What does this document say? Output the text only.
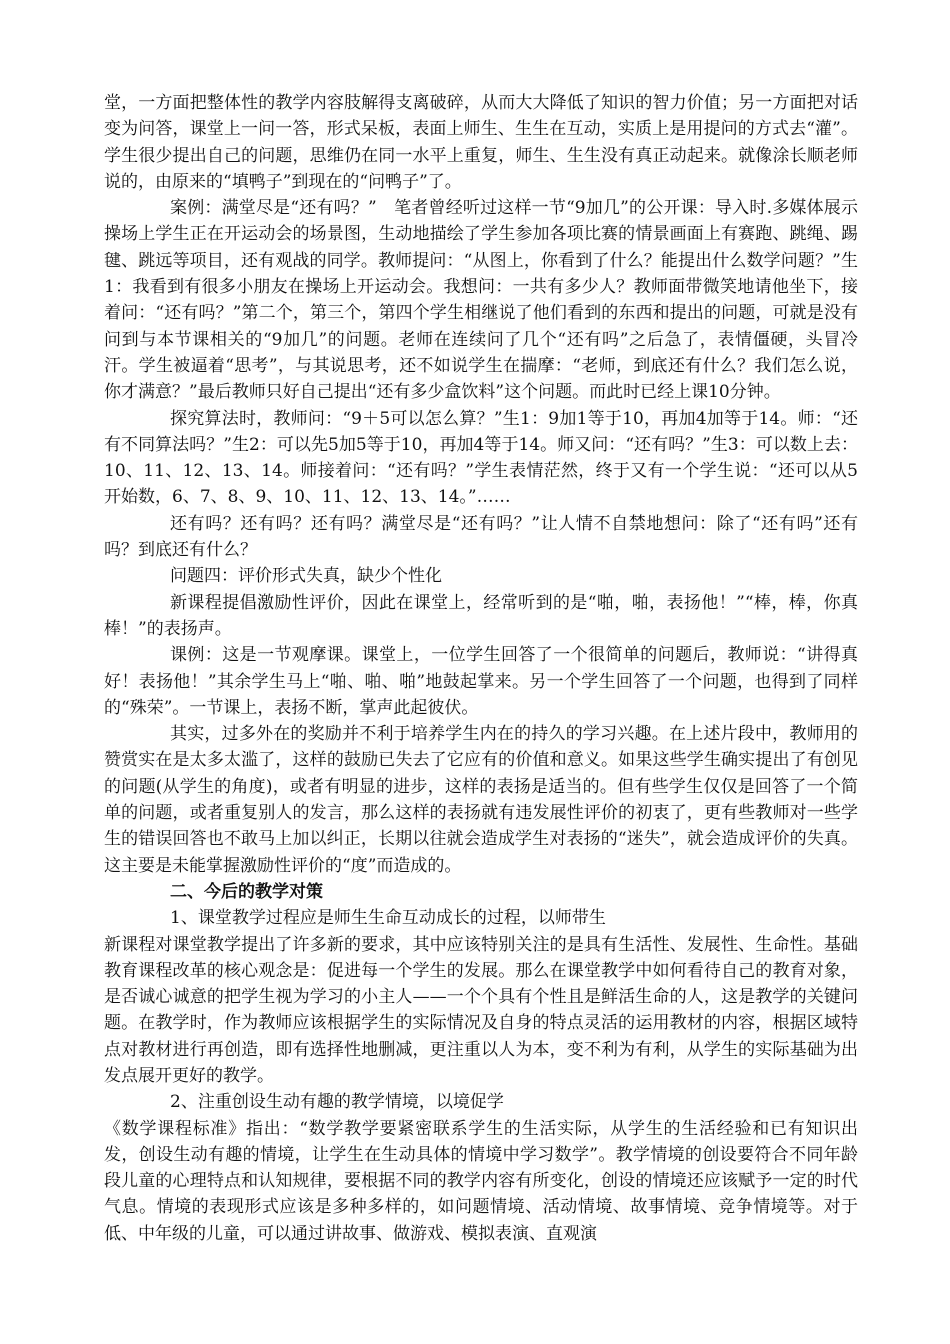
堂，一方面把整体性的教学内容肢解得支离破碎，从而大大降低了知识的智力价值；另一方面把对话变为问答，课堂上一问一答，形式呆板，表面上师生、生生在互动，实质上是用提问的方式去“灌”。学生很少提出自己的问题，思维仍在同一水平上重复，师生、生生没有真正动起来。就像涂长顺老师说的，由原来的“填鸭子”到现在的“问鸭子”了。

案例：满堂尽是“还有吗？”　笔者曾经听过这样一节“9加几”的公开课：导入时.多媒体展示操场上学生正在开运动会的场景图，生动地描绘了学生参加各项比赛的情景画面上有赛跑、跳绳、踢毽、跳远等项目，还有观战的同学。教师提问：“从图上，你看到了什么？能提出什么数学问题？”生1：我看到有很多小朋友在操场上开运动会。我想问：一共有多少人？教师面带微笑地请他坐下，接着问：“还有吗？”第二个，第三个，第四个学生相继说了他们看到的东西和提出的问题，可就是没有问到与本节课相关的“9加几”的问题。老师在连续问了几个“还有吗”之后急了，表情僵硬，头冒冷汗。学生被逼着“思考”，与其说思考，还不如说学生在揣摩：“老师，到底还有什么？我们怎么说，你才满意？”最后教师只好自己提出“还有多少盒饮料”这个问题。而此时已经上课10分钟。

探究算法时，教师问：“9＋5可以怎么算？”生1：9加1等于10，再加4加等于14。师：“还有不同算法吗？”生2：可以先5加5等于10，再加4等于14。师又问：“还有吗？”生3：可以数上去：10、11、12、13、14。师接着问：“还有吗？”学生表情茫然，终于又有一个学生说：“还可以从5开始数，6、7、8、9、10、11、12、13、14。”……

还有吗？还有吗？还有吗？满堂尽是“还有吗？”让人情不自禁地想问：除了“还有吗”还有吗？到底还有什么？

问题四：评价形式失真，缺少个性化

新课程提倡激励性评价，因此在课堂上，经常听到的是“啪，啪，表扬他！”“棒，棒，你真棒！”的表扬声。

课例：这是一节观摩课。课堂上，一位学生回答了一个很简单的问题后，教师说：“讲得真好！表扬他！”其余学生马上“啪、啪、啪”地鼓起掌来。另一个学生回答了一个问题，也得到了同样的“殊荣”。一节课上，表扬不断，掌声此起彼伏。

其实，过多外在的奖励并不利于培养学生内在的持久的学习兴趣。在上述片段中，教师用的赞赏实在是太多太滥了，这样的鼓励已失去了它应有的价值和意义。如果这些学生确实提出了有创见的问题(从学生的角度)，或者有明显的进步，这样的表扬是适当的。但有些学生仅仅是回答了一个简单的问题，或者重复别人的发言，那么这样的表扬就有违发展性评价的初衷了，更有些教师对一些学生的错误回答也不敢马上加以纠正，长期以往就会造成学生对表扬的“迷失”，就会造成评价的失真。这主要是未能掌握激励性评价的“度”而造成的。

二、今后的教学对策

1、课堂教学过程应是师生生命互动成长的过程，以师带生

新课程对课堂教学提出了许多新的要求，其中应该特别关注的是具有生活性、发展性、生命性。基础教育课程改革的核心观念是：促进每一个学生的发展。那么在课堂教学中如何看待自己的教育对象，是否诚心诚意的把学生视为学习的小主人——一个个具有个性且是鲜活生命的人，这是教学的关键问题。在教学时，作为教师应该根据学生的实际情况及自身的特点灵活的运用教材的内容，根据区域特点对教材进行再创造，即有选择性地删减，更注重以人为本，变不利为有利，从学生的实际基础为出发点展开更好的教学。

2、注重创设生动有趣的教学情境，以境促学

《数学课程标准》指出：“数学教学要紧密联系学生的生活实际，从学生的生活经验和已有知识出发，创设生动有趣的情境，让学生在生动具体的情境中学习数学”。教学情境的创设要符合不同年龄段儿童的心理特点和认知规律，要根据不同的教学内容有所变化，创设的情境还应该赋予一定的时代气息。情境的表现形式应该是多种多样的，如问题情境、活动情境、故事情境、竞争情境等。对于低、中年级的儿童，可以通过讲故事、做游戏、模拟表演、直观演
